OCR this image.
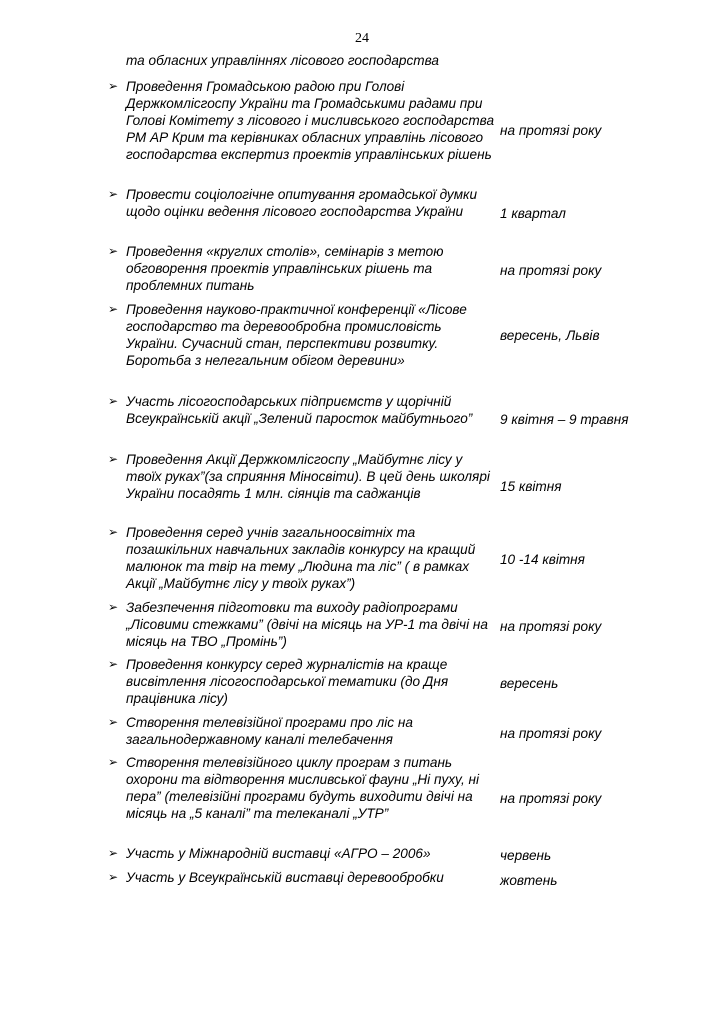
24
та обласних управліннях лісового господарства
➢ Проведення Громадською радою при Голові Держкомлісгоспу України та Громадськими радами при Голові Комітету з лісового і мисливського господарства РМ АР Крим та керівниках обласних управлінь лісового господарства експертиз проектів управлінських рішень
на протязі року
➢ Провести соціологічне опитування громадської думки щодо оцінки ведення лісового господарства України	1 квартал
➢ Проведення «круглих столів», семінарів з метою обговорення проектів управлінських рішень та проблемних питань
на протязі року
➢ Проведення науково-практичної конференції «Лісове господарство та деревообробна промисловість України. Сучасний стан, перспективи розвитку. Боротьба з нелегальним обігом деревини»
вересень, Львів
➢ Участь лісогосподарських підприємств у щорічній Всеукраїнській акції „Зелений паросток майбутнього”	9 квітня – 9 травня
➢ Проведення Акції Держкомлісгоспу „Майбутнє лісу у твоїх руках”(за сприяння Міносвіти). В цей день школярі України посадять 1 млн. сіянців та саджанців	15 квітня
➢ Проведення серед учнів загальноосвітніх та позашкільних навчальних закладів конкурсу на кращий малюнок та твір на тему „Людина та ліс” ( в рамках Акції „Майбутнє лісу у твоїх руках”)
10 -14 квітня
➢ Забезпечення підготовки та виходу радіопрограми „Лісовими стежками” (двічі на місяць на УР-1 та двічі на місяць на ТВО „Промінь”)
на протязі року
➢ Проведення конкурсу серед журналістів на краще висвітлення лісогосподарської тематики (до Дня працівника лісу)
вересень
➢ Створення телевізійної програми про ліс на загальнодержавному каналі телебачення	на протязі року
➢ Створення телевізійного циклу програм з питань охорони та відтворення мисливської фауни „Ні пуху, ні пера” (телевізійні програми будуть виходити двічі на місяць на „5 каналі” та телеканалі „УТР”
на протязі року
➢ Участь у Міжнародній виставці «АГРО – 2006»	червень
➢ Участь у Всеукраїнській виставці деревообробки	жовтень
